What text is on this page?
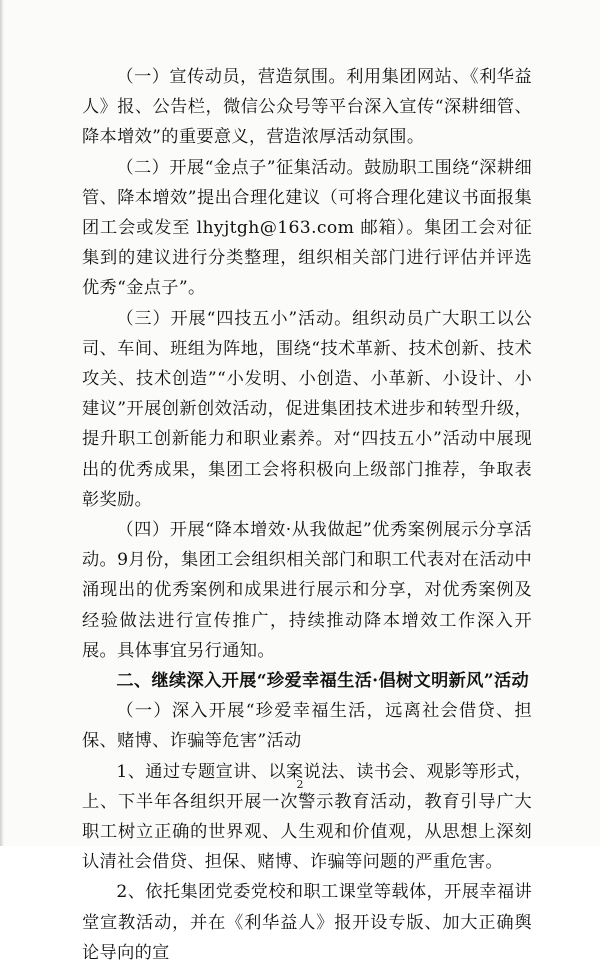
（一）宣传动员，营造氛围。利用集团网站、《利华益人》报、公告栏，微信公众号等平台深入宣传“深耕细管、降本增效”的重要意义，营造浓厚活动氛围。

（二）开展“金点子”征集活动。鼓励职工围绕“深耕细管、降本增效”提出合理化建议（可将合理化建议书面报集团工会或发至 lhyjtgh@163.com 邮箱）。集团工会对征集到的建议进行分类整理，组织相关部门进行评估并评选优秀“金点子”。

（三）开展“四技五小”活动。组织动员广大职工以公司、车间、班组为阵地，围绕“技术革新、技术创新、技术攻关、技术创造”“小发明、小创造、小革新、小设计、小建议”开展创新创效活动，促进集团技术进步和转型升级，提升职工创新能力和职业素养。对“四技五小”活动中展现出的优秀成果，集团工会将积极向上级部门推荐，争取表彰奖励。

（四）开展“降本增效·从我做起”优秀案例展示分享活动。9月份，集团工会组织相关部门和职工代表对在活动中涌现出的优秀案例和成果进行展示和分享，对优秀案例及经验做法进行宣传推广，持续推动降本增效工作深入开展。具体事宜另行通知。

二、继续深入开展“珍爱幸福生活·倡树文明新风”活动

（一）深入开展“珍爱幸福生活，远离社会借贷、担保、赌博、诈骗等危害”活动

1、通过专题宣讲、以案说法、读书会、观影等形式，上、下半年各组织开展一次警示教育活动，教育引导广大职工树立正确的世界观、人生观和价值观，从思想上深刻认清社会借贷、担保、赌博、诈骗等问题的严重危害。

2、依托集团党委党校和职工课堂等载体，开展幸福讲堂宣教活动，并在《利华益人》报开设专版、加大正确舆论导向的宣

2
